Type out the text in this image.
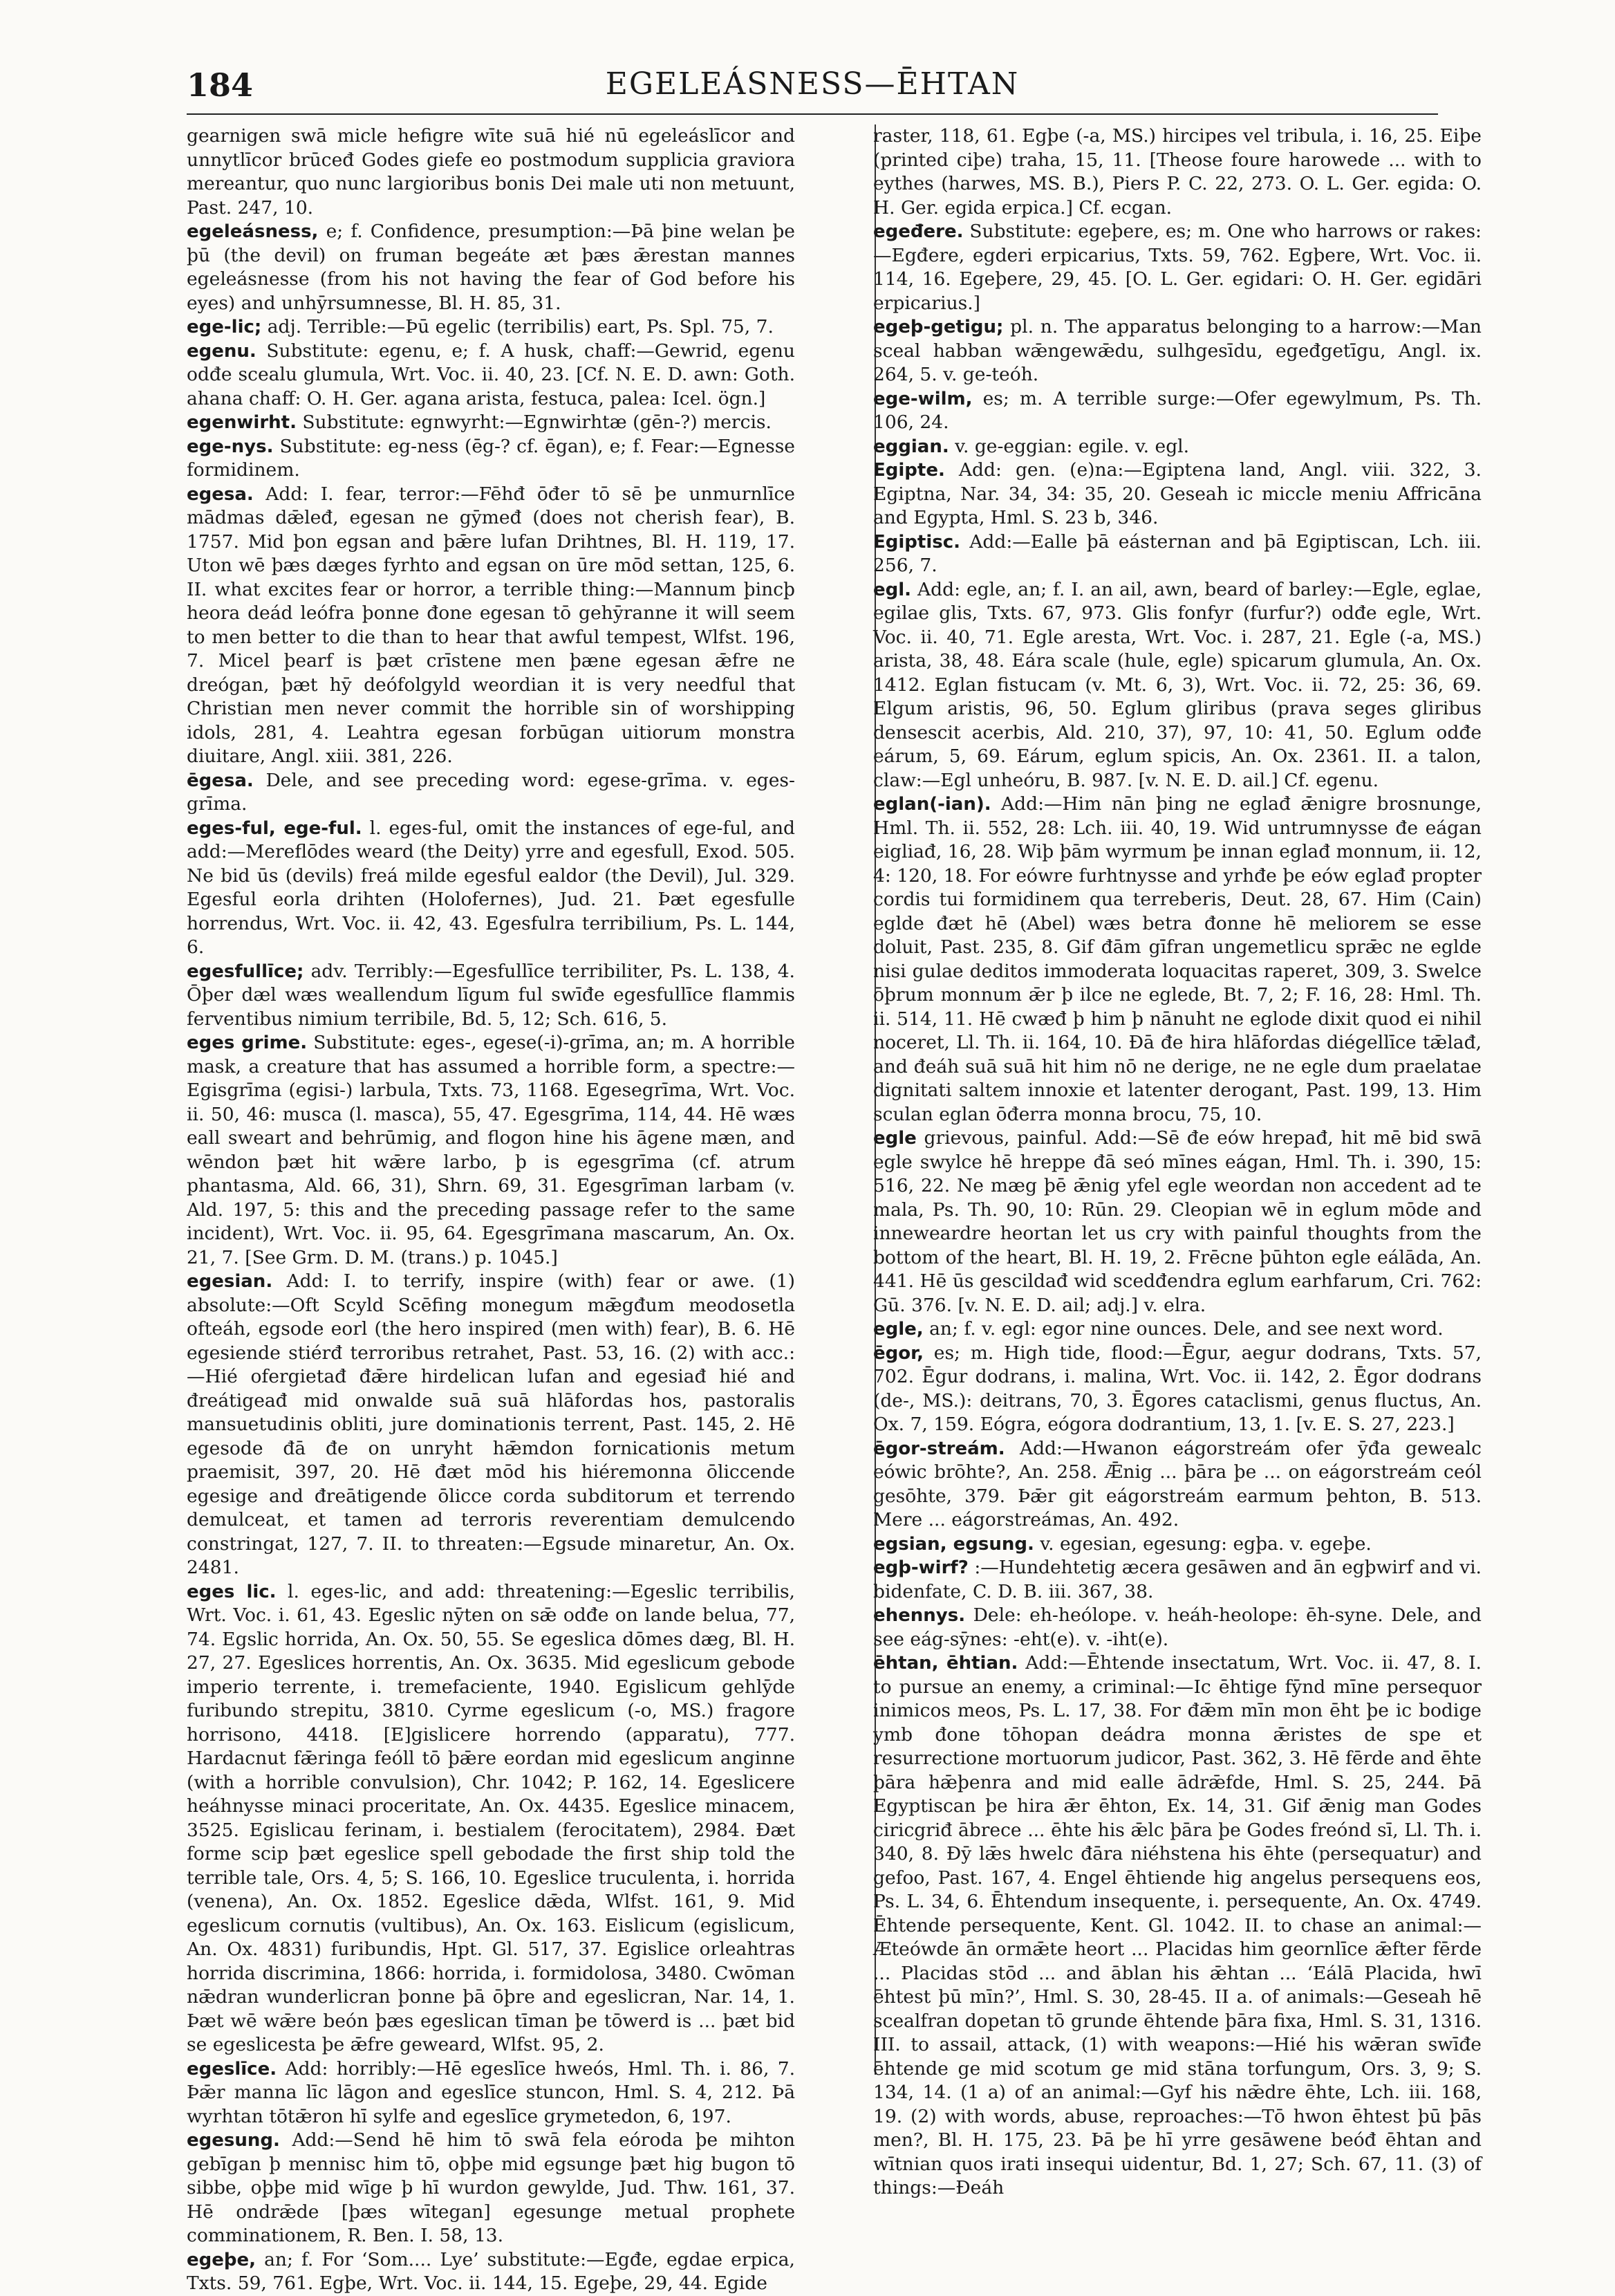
184	EGELEÁSNESS—ĒHTAN

gearnigen swā micle hefigre wīte suā hié nū egeleáslīcor and unnytlīcor brūceđ Godes giefe eo postmodum supplicia graviora mereantur, quo nunc largioribus bonis Dei male uti non metuunt, Past. 247, 10.

egeleásness, e; f. Confidence, presumption:—Þā þine welan þe þū (the devil) on fruman begeáte æt þæs ǣrestan mannes egeleásnesse (from his not having the fear of God before his eyes) and unhȳrsumnesse, Bl. H. 85, 31.

ege-lic; adj. Terrible:—Þū egelic (terribilis) eart, Ps. Spl. 75, 7.

egenu. Substitute: egenu, e; f. A husk, chaff:—Gewrid, egenu odđe scealu glumula, Wrt. Voc. ii. 40, 23. [Cf. N. E. D. awn: Goth. ahana chaff: O. H. Ger. agana arista, festuca, palea: Icel. ögn.]

egenwirht. Substitute: egnwyrht:—Egnwirhtæ (gēn-?) mercis.

ege-nys. Substitute: eg-ness (ēg-? cf. ēgan), e; f. Fear:—Egnesse formidinem.

egesa. Add: I. fear, terror:—Fēhđ ōđer tō sē þe unmurnlīce mādmas dǣleđ, egesan ne gȳmeđ (does not cherish fear), B. 1757. Mid þon egsan and þǣre lufan Drihtnes, Bl. H. 119, 17. Uton wē þæs dæges fyrhto and egsan on ūre mōd settan, 125, 6. II. what excites fear or horror, a terrible thing:—Mannum þincþ heora deád leófra þonne đone egesan tō gehȳranne it will seem to men better to die than to hear that awful tempest, Wlfst. 196, 7. Micel þearf is þæt crīstene men þæne egesan ǣfre ne dreógan, þæt hȳ deófolgyld weordian it is very needful that Christian men never commit the horrible sin of worshipping idols, 281, 4. Leahtra egesan forbūgan uitiorum monstra diuitare, Angl. xiii. 381, 226.

ēgesa. Dele, and see preceding word: egese-grīma. v. eges-grīma.

eges-ful, ege-ful. l. eges-ful, omit the instances of ege-ful, and add:—Mereflōdes weard (the Deity) yrre and egesfull, Exod. 505. Ne bid ūs (devils) freá milde egesful ealdor (the Devil), Jul. 329. Egesful eorla drihten (Holofernes), Jud. 21. Þæt egesfulle horrendus, Wrt. Voc. ii. 42, 43. Egesfulra terribilium, Ps. L. 144, 6.

egesfullīce; adv. Terribly:—Egesfullīce terribiliter, Ps. L. 138, 4. Ōþer dæl wæs weallendum līgum ful swīđe egesfullīce flammis ferventibus nimium terribile, Bd. 5, 12; Sch. 616, 5.

eges grime. Substitute: eges-, egese(-i)-grīma, an; m. A horrible mask, a creature that has assumed a horrible form, a spectre:—Egisgrīma (egisi-) larbula, Txts. 73, 1168. Egesegrīma, Wrt. Voc. ii. 50, 46: musca (l. masca), 55, 47. Egesgrīma, 114, 44. Hē wæs eall sweart and behrūmig, and flogon hine his āgene mæn, and wēndon þæt hit wǣre larbo, þ is egesgrīma (cf. atrum phantasma, Ald. 66, 31), Shrn. 69, 31. Egesgrīman larbam (v. Ald. 197, 5: this and the preceding passage refer to the same incident), Wrt. Voc. ii. 95, 64. Egesgrīmana mascarum, An. Ox. 21, 7. [See Grm. D. M. (trans.) p. 1045.]

egesian. Add: I. to terrify, inspire (with) fear or awe. (1) absolute:—Oft Scyld Scēfing monegum mǣgđum meodosetla ofteáh, egsode eorl (the hero inspired (men with) fear), B. 6. Hē egesiende stiérđ terroribus retrahet, Past. 53, 16. (2) with acc.:—Hié ofergietađ đǣre hirdelican lufan and egesiađ hié and đreátigeađ mid onwalde suā suā hlāfordas hos, pastoralis mansuetudinis obliti, jure dominationis terrent, Past. 145, 2. Hē egesode đā đe on unryht hǣmdon fornicationis metum praemisit, 397, 20. Hē đæt mōd his hiéremonna ōliccende egesige and đreātigende ōlicce corda subditorum et terrendo demulceat, et tamen ad terroris reverentiam demulcendo constringat, 127, 7. II. to threaten:—Egsude minaretur, An. Ox. 2481.

eges lic. l. eges-lic, and add: threatening:—Egeslic terribilis, Wrt. Voc. i. 61, 43. Egeslic nȳten on sǣ odđe on lande belua, 77, 74. Egslic horrida, An. Ox. 50, 55. Se egeslica dōmes dæg, Bl. H. 27, 27. Egeslices horrentis, An. Ox. 3635. Mid egeslicum gebode imperio terrente, i. tremefaciente, 1940. Egislicum gehlȳde furibundo strepitu, 3810. Cyrme egeslicum (-o, MS.) fragore horrisono, 4418. [E]gislicere horrendo (apparatu), 777. Hardacnut fǣringa feóll tō þǣre eordan mid egeslicum anginne (with a horrible convulsion), Chr. 1042; P. 162, 14. Egeslicere heáhnysse minaci proceritate, An. Ox. 4435. Egeslice minacem, 3525. Egislicau ferinam, i. bestialem (ferocitatem), 2984. Đæt forme scip þæt egeslice spell gebodade the first ship told the terrible tale, Ors. 4, 5; S. 166, 10. Egeslice truculenta, i. horrida (venena), An. Ox. 1852. Egeslice dǣda, Wlfst. 161, 9. Mid egeslicum cornutis (vultibus), An. Ox. 163. Eislicum (egislicum, An. Ox. 4831) furibundis, Hpt. Gl. 517, 37. Egislice orleahtras horrida discrimina, 1866: horrida, i. formidolosa, 3480. Cwōman nǣdran wunderlicran þonne þā ōþre and egeslicran, Nar. 14, 1. Þæt wē wǣre beón þæs egeslican tīman þe tōwerd is ... þæt bid se egeslicesta þe ǣfre geweard, Wlfst. 95, 2.

egeslīce. Add: horribly:—Hē egeslīce hweós, Hml. Th. i. 86, 7. Þǣr manna līc lāgon and egeslīce stuncon, Hml. S. 4, 212. Þā wyrhtan tōtǣron hī sylfe and egeslīce grymetedon, 6, 197.

egesung. Add:—Send hē him tō swā fela eóroda þe mihton gebīgan þ mennisc him tō, oþþe mid egsunge þæt hig bugon tō sibbe, oþþe mid wīge þ hī wurdon gewylde, Jud. Thw. 161, 37. Hē ondrǣde [þæs wītegan] egesunge metual prophete comminationem, R. Ben. I. 58, 13.

egeþe, an; f. For ‘Som.... Lye’ substitute:—Egđe, egdae erpica, Txts. 59, 761. Egþe, Wrt. Voc. ii. 144, 15. Egeþe, 29, 44. Egide

raster, 118, 61. Egþe (-a, MS.) hircipes vel tribula, i. 16, 25. Eiþe (printed ciþe) traha, 15, 11. [Theose foure harowede ... with to eythes (harwes, MS. B.), Piers P. C. 22, 273. O. L. Ger. egida: O. H. Ger. egida erpica.] Cf. ecgan.

egeđere. Substitute: egeþere, es; m. One who harrows or rakes:—Egđere, egderi erpicarius, Txts. 59, 762. Egþere, Wrt. Voc. ii. 114, 16. Egeþere, 29, 45. [O. L. Ger. egidari: O. H. Ger. egidāri erpicarius.]

egeþ-getigu; pl. n. The apparatus belonging to a harrow:—Man sceal habban wǣngewǣdu, sulhgesīdu, egeđgetīgu, Angl. ix. 264, 5. v. ge-teóh.

ege-wilm, es; m. A terrible surge:—Ofer egewylmum, Ps. Th. 106, 24.

eggian. v. ge-eggian: egile. v. egl.

Egipte. Add: gen. (e)na:—Egiptena land, Angl. viii. 322, 3. Egiptna, Nar. 34, 34: 35, 20. Geseah ic miccle meniu Affricāna and Egypta, Hml. S. 23 b, 346.

Egiptisc. Add:—Ealle þā eásternan and þā Egiptiscan, Lch. iii. 256, 7.

egl. Add: egle, an; f. I. an ail, awn, beard of barley:—Egle, eglae, egilae glis, Txts. 67, 973. Glis fonfyr (furfur?) odđe egle, Wrt. Voc. ii. 40, 71. Egle aresta, Wrt. Voc. i. 287, 21. Egle (-a, MS.) arista, 38, 48. Eára scale (hule, egle) spicarum glumula, An. Ox. 1412. Eglan fistucam (v. Mt. 6, 3), Wrt. Voc. ii. 72, 25: 36, 69. Elgum aristis, 96, 50. Eglum gliribus (prava seges gliribus densescit acerbis, Ald. 210, 37), 97, 10: 41, 50. Eglum odđe eárum, 5, 69. Eárum, eglum spicis, An. Ox. 2361. II. a talon, claw:—Egl unheóru, B. 987. [v. N. E. D. ail.] Cf. egenu.

eglan(-ian). Add:—Him nān þing ne eglađ ǣnigre brosnunge, Hml. Th. ii. 552, 28: Lch. iii. 40, 19. Wid untrumnysse đe eágan eigliađ, 16, 28. Wiþ þām wyrmum þe innan eglađ monnum, ii. 12, 4: 120, 18. For eówre furhtnysse and yrhđe þe eów eglađ propter cordis tui formidinem qua terreberis, Deut. 28, 67. Him (Cain) eglde đæt hē (Abel) wæs betra đonne hē meliorem se esse doluit, Past. 235, 8. Gif đām gīfran ungemetlicu sprǣc ne eglde nisi gulae deditos immoderata loquacitas raperet, 309, 3. Swelce ōþrum monnum ǣr þ ilce ne eglede, Bt. 7, 2; F. 16, 28: Hml. Th. ii. 514, 11. Hē cwæđ þ him þ nānuht ne eglode dixit quod ei nihil noceret, Ll. Th. ii. 164, 10. Đā đe hira hlāfordas diégellīce tǣlađ, and đeáh suā suā hit him nō ne derige, ne ne egle dum praelatae dignitati saltem innoxie et latenter derogant, Past. 199, 13. Him sculan eglan ōđerra monna brocu, 75, 10.

egle grievous, painful. Add:—Sē đe eów hrepađ, hit mē bid swā egle swylce hē hreppe đā seó mīnes eágan, Hml. Th. i. 390, 15: 516, 22. Ne mæg þē ǣnig yfel egle weordan non accedent ad te mala, Ps. Th. 90, 10: Rūn. 29. Cleopian wē in eglum mōde and inneweardre heortan let us cry with painful thoughts from the bottom of the heart, Bl. H. 19, 2. Frēcne þūhton egle eálāda, An. 441. Hē ūs gescildađ wid scedđendra eglum earhfarum, Cri. 762: Gū. 376. [v. N. E. D. ail; adj.] v. elra.

egle, an; f. v. egl: egor nine ounces. Dele, and see next word.

ēgor, es; m. High tide, flood:—Ēgur, aegur dodrans, Txts. 57, 702. Ēgur dodrans, i. malina, Wrt. Voc. ii. 142, 2. Ēgor dodrans (de-, MS.): deitrans, 70, 3. Ēgores cataclismi, genus fluctus, An. Ox. 7, 159. Eógra, eógora dodrantium, 13, 1. [v. E. S. 27, 223.]

ēgor-streám. Add:—Hwanon eágorstreám ofer ȳđa gewealc eówic brōhte?, An. 258. Ǣnig ... þāra þe ... on eágorstreám ceól gesōhte, 379. Þǣr git eágorstreám earmum þehton, B. 513. Mere ... eágorstreámas, An. 492.

egsian, egsung. v. egesian, egesung: egþa. v. egeþe.

egþ-wirf? :—Hundehtetig æcera gesāwen and ān egþwirf and vi. bidenfate, C. D. B. iii. 367, 38.

ehennys. Dele: eh-heólope. v. heáh-heolope: ēh-syne. Dele, and see eág-sȳnes: -eht(e). v. -iht(e).

ēhtan, ēhtian. Add:—Ēhtende insectatum, Wrt. Voc. ii. 47, 8. I. to pursue an enemy, a criminal:—Ic ēhtige fȳnd mīne persequor inimicos meos, Ps. L. 17, 38. For đǣm mīn mon ēht þe ic bodige ymb đone tōhopan deádra monna ǣristes de spe et resurrectione mortuorum judicor, Past. 362, 3. Hē fērde and ēhte þāra hǣþenra and mid ealle ādrǣfde, Hml. S. 25, 244. Þā Egyptiscan þe hira ǣr ēhton, Ex. 14, 31. Gif ǣnig man Godes ciricgriđ ābrece ... ēhte his ǣlc þāra þe Godes freónd sī, Ll. Th. i. 340, 8. Đȳ lǣs hwelc đāra niéhstena his ēhte (persequatur) and gefoo, Past. 167, 4. Engel ēhtiende hig angelus persequens eos, Ps. L. 34, 6. Ēhtendum insequente, i. persequente, An. Ox. 4749. Ēhtende persequente, Kent. Gl. 1042. II. to chase an animal:—Æteówde ān ormǣte heort ... Placidas him geornlīce ǣfter fērde ... Placidas stōd ... and āblan his ǣhtan ... ‘Eálā Placida, hwī ēhtest þū mīn?’, Hml. S. 30, 28-45. II a. of animals:—Geseah hē scealfran dopetan tō grunde ēhtende þāra fixa, Hml. S. 31, 1316. III. to assail, attack, (1) with weapons:—Hié his wǣran swīđe ēhtende ge mid scotum ge mid stāna torfungum, Ors. 3, 9; S. 134, 14. (1 a) of an animal:—Gyf his nǣdre ēhte, Lch. iii. 168, 19. (2) with words, abuse, reproaches:—Tō hwon ēhtest þū þās men?, Bl. H. 175, 23. Þā þe hī yrre gesāwene beóđ ēhtan and wītnian quos irati insequi uidentur, Bd. 1, 27; Sch. 67, 11. (3) of things:—Đeáh
